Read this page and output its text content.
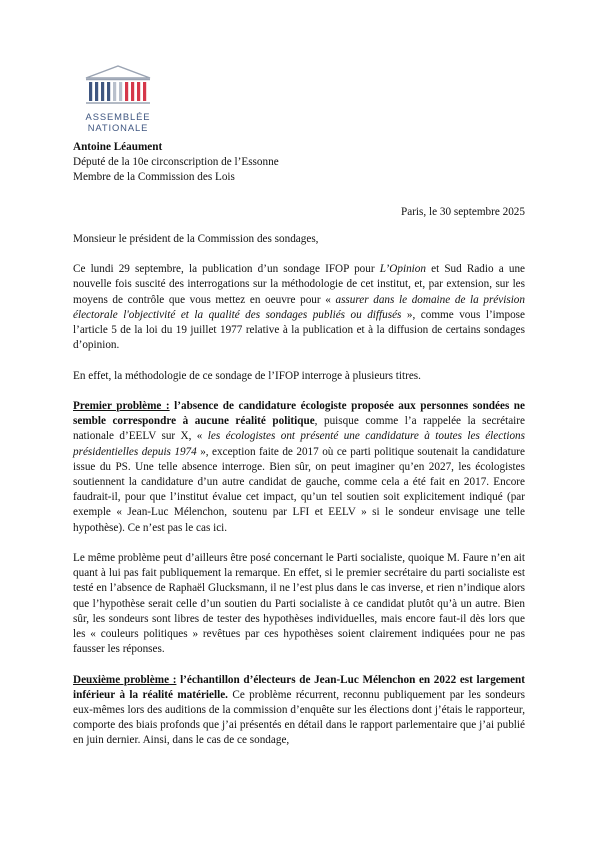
ASSEMBLÉE
NATIONALE

Antoine Léaument

Député de la 10e circonscription de l’Essonne

Membre de la Commission des Lois

Paris, le 30 septembre 2025

Monsieur le président de la Commission des sondages,

Ce lundi 29 septembre, la publication d’un sondage IFOP pour L’Opinion et Sud Radio a une nouvelle fois suscité des interrogations sur la méthodologie de cet institut, et, par extension, sur les moyens de contrôle que vous mettez en oeuvre pour « assurer dans le domaine de la prévision électorale l'objectivité et la qualité des sondages publiés ou diffusés », comme vous l’impose l’article 5 de la loi du 19 juillet 1977 relative à la publication et à la diffusion de certains sondages d’opinion.

En effet, la méthodologie de ce sondage de l’IFOP interroge à plusieurs titres.

Premier problème : l’absence de candidature écologiste proposée aux personnes sondées ne semble correspondre à aucune réalité politique, puisque comme l’a rappelée la secrétaire nationale d’EELV sur X, « les écologistes ont présenté une candidature à toutes les élections présidentielles depuis 1974 », exception faite de 2017 où ce parti politique soutenait la candidature issue du PS. Une telle absence interroge. Bien sûr, on peut imaginer qu’en 2027, les écologistes soutiennent la candidature d’un autre candidat de gauche, comme cela a été fait en 2017. Encore faudrait-il, pour que l’institut évalue cet impact, qu’un tel soutien soit explicitement indiqué (par exemple « Jean-Luc Mélenchon, soutenu par LFI et EELV » si le sondeur envisage une telle hypothèse). Ce n’est pas le cas ici.

Le même problème peut d’ailleurs être posé concernant le Parti socialiste, quoique M. Faure n’en ait quant à lui pas fait publiquement la remarque. En effet, si le premier secrétaire du parti socialiste est testé en l’absence de Raphaël Glucksmann, il ne l’est plus dans le cas inverse, et rien n’indique alors que l’hypothèse serait celle d’un soutien du Parti socialiste à ce candidat plutôt qu’à un autre. Bien sûr, les sondeurs sont libres de tester des hypothèses individuelles, mais encore faut-il dès lors que les « couleurs politiques » revêtues par ces hypothèses soient clairement indiquées pour ne pas fausser les réponses.

Deuxième problème : l’échantillon d’électeurs de Jean-Luc Mélenchon en 2022 est largement inférieur à la réalité matérielle. Ce problème récurrent, reconnu publiquement par les sondeurs eux-mêmes lors des auditions de la commission d’enquête sur les élections dont j’étais le rapporteur, comporte des biais profonds que j’ai présentés en détail dans le rapport parlementaire que j’ai publié en juin dernier. Ainsi, dans le cas de ce sondage,
